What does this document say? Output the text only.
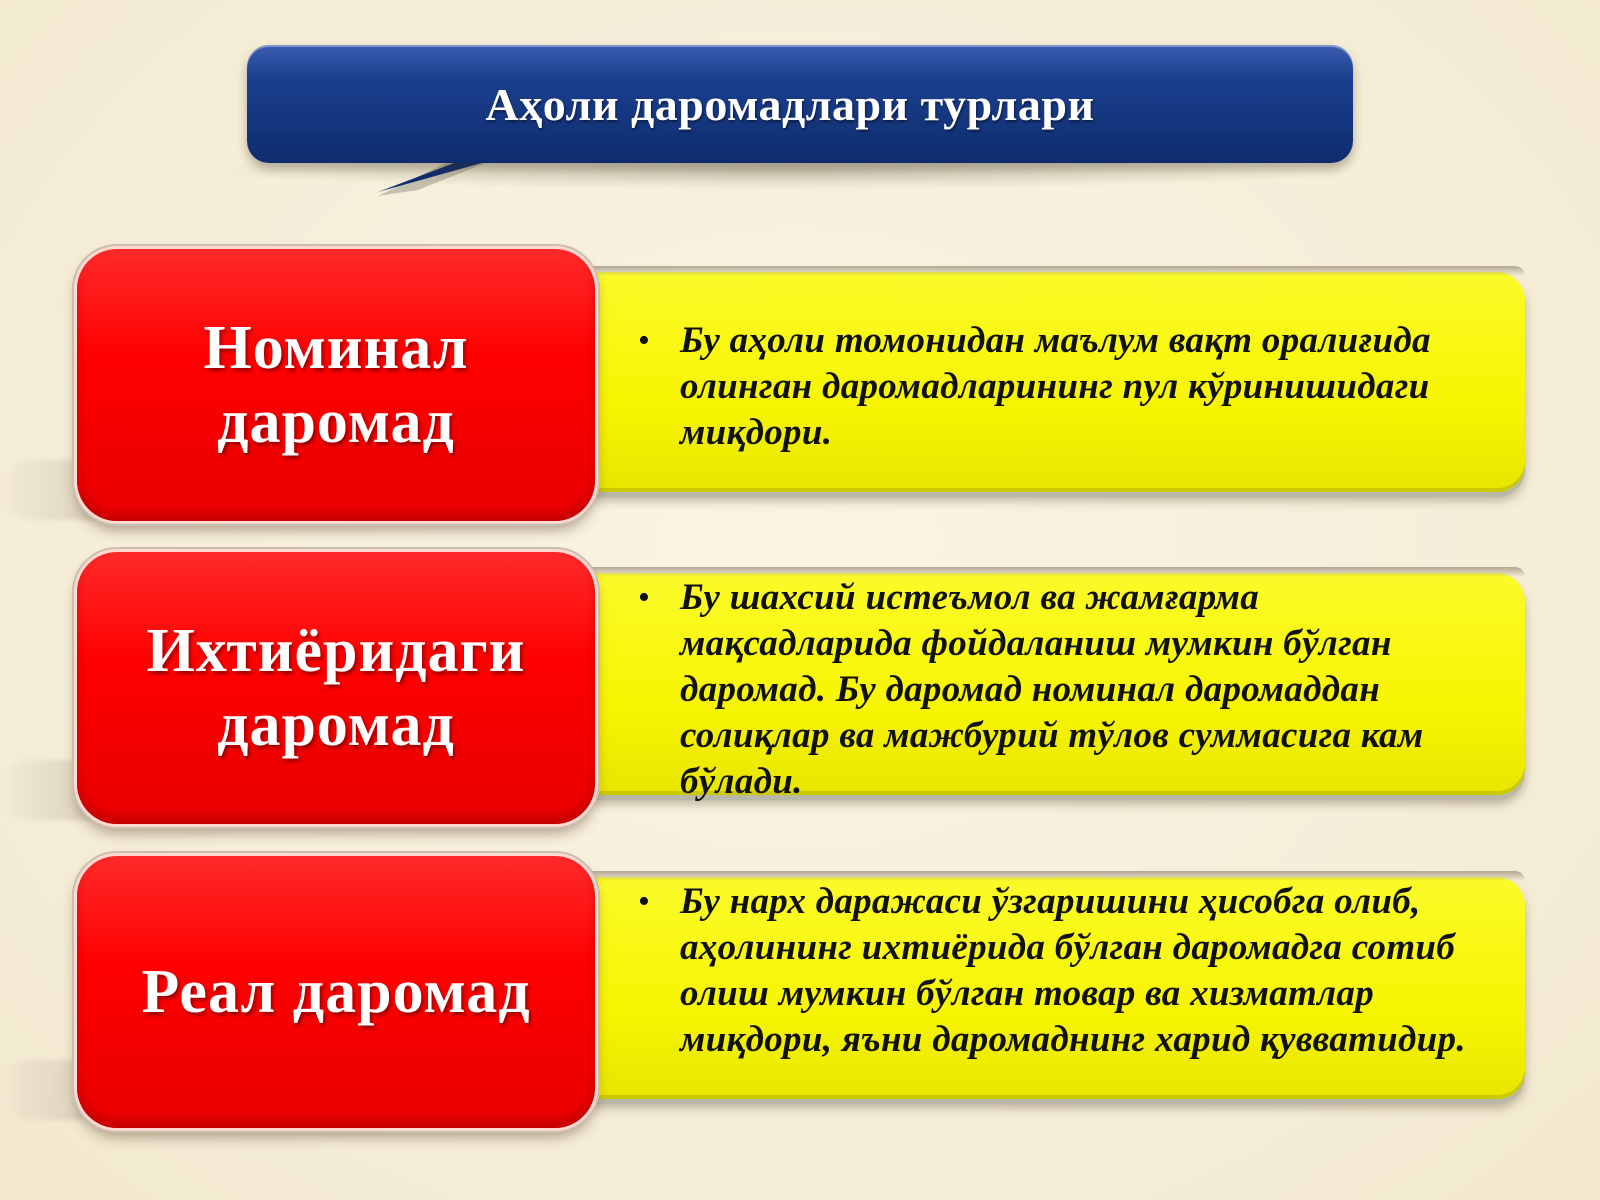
Аҳоли даромадлари турлари
Номинал даромад
• Бу аҳоли томонидан маълум вақт оралиғида олинган даромадларининг пул кўринишидаги миқдори.
Ихтиёридаги даромад
• Бу шахсий истеъмол ва жамғарма мақсадларида фойдаланиш мумкин бўлган даромад. Бу даромад номинал даромаддан солиқлар ва мажбурий тўлов суммасига кам бўлади.
Реал даромад
• Бу нарх даражаси ўзгаришини ҳисобга олиб, аҳолининг ихтиёрида бўлган даромадга сотиб олиш мумкин бўлган товар ва хизматлар миқдори, яъни даромаднинг харид қувватидир.
